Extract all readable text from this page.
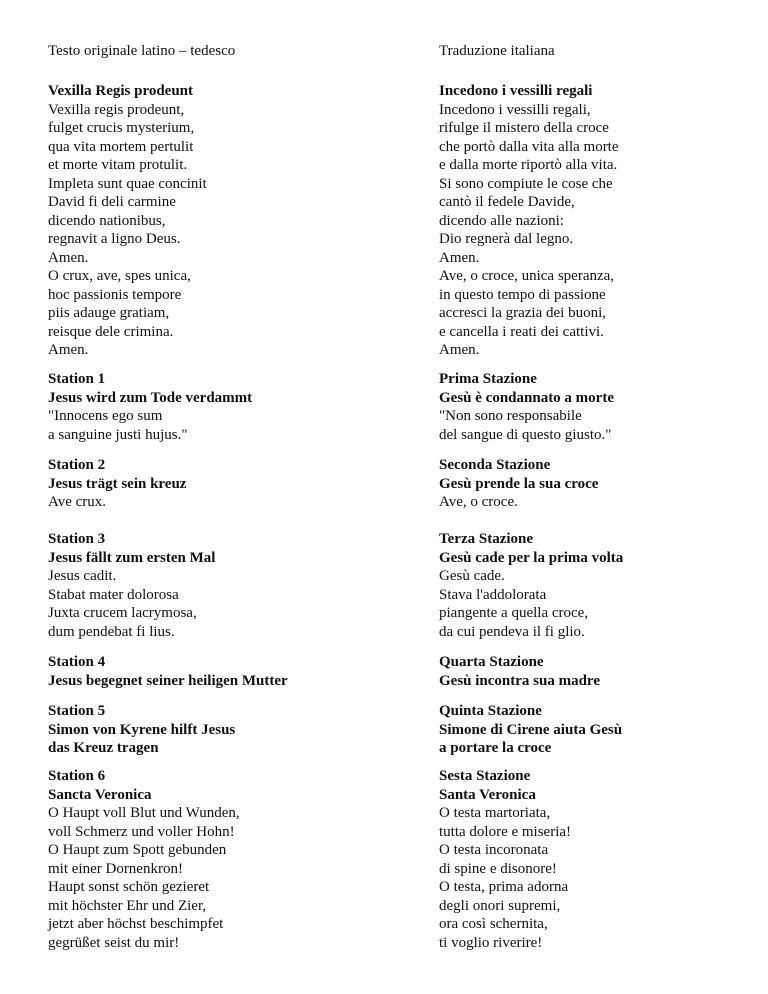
Testo originale latino – tedesco
Vexilla Regis prodeunt
Vexilla regis prodeunt,
fulget crucis mysterium,
qua vita mortem pertulit
et morte vitam protulit.
Impleta sunt quae concinit
David fi deli carmine
dicendo nationibus,
regnavit a ligno Deus.
Amen.
O crux, ave, spes unica,
hoc passionis tempore
piis adauge gratiam,
reisque dele crimina.
Amen.
Station 1
Jesus wird zum Tode verdammt
"Innocens ego sum
a sanguine justi hujus."
Station 2
Jesus trägt sein kreuz
Ave crux.
Station 3
Jesus fällt zum ersten Mal
Jesus cadit.
Stabat mater dolorosa
Juxta crucem lacrymosa,
dum pendebat fi lius.
Station 4
Jesus begegnet seiner heiligen Mutter
Station 5
Simon von Kyrene hilft Jesus
das Kreuz tragen
Station 6
Sancta Veronica
O Haupt voll Blut und Wunden,
voll Schmerz und voller Hohn!
O Haupt zum Spott gebunden
mit einer Dornenkron!
Haupt sonst schön gezieret
mit höchster Ehr und Zier,
jetzt aber höchst beschimpfet
gegrüßet seist du mir!
Traduzione italiana
Incedono i vessilli regali
Incedono i vessilli regali,
rifulge il mistero della croce
che portò dalla vita alla morte
e dalla morte riportò alla vita.
Si sono compiute le cose che
cantò il fedele Davide,
dicendo alle nazioni:
Dio regnerà dal legno.
Amen.
Ave, o croce, unica speranza,
in questo tempo di passione
accresci la grazia dei buoni,
e cancella i reati dei cattivi.
Amen.
Prima Stazione
Gesù è condannato a morte
"Non sono responsabile
del sangue di questo giusto."
Seconda Stazione
Gesù prende la sua croce
Ave, o croce.
Terza Stazione
Gesù cade per la prima volta
Gesù cade.
Stava l'addolorata
piangente a quella croce,
da cui pendeva il fi glio.
Quarta Stazione
Gesù incontra sua madre
Quinta Stazione
Simone di Cirene aiuta Gesù
a portare la croce
Sesta Stazione
Santa Veronica
O testa martoriata,
tutta dolore e miseria!
O testa incoronata
di spine e disonore!
O testa, prima adorna
degli onori supremi,
ora così schernita,
ti voglio riverire!
